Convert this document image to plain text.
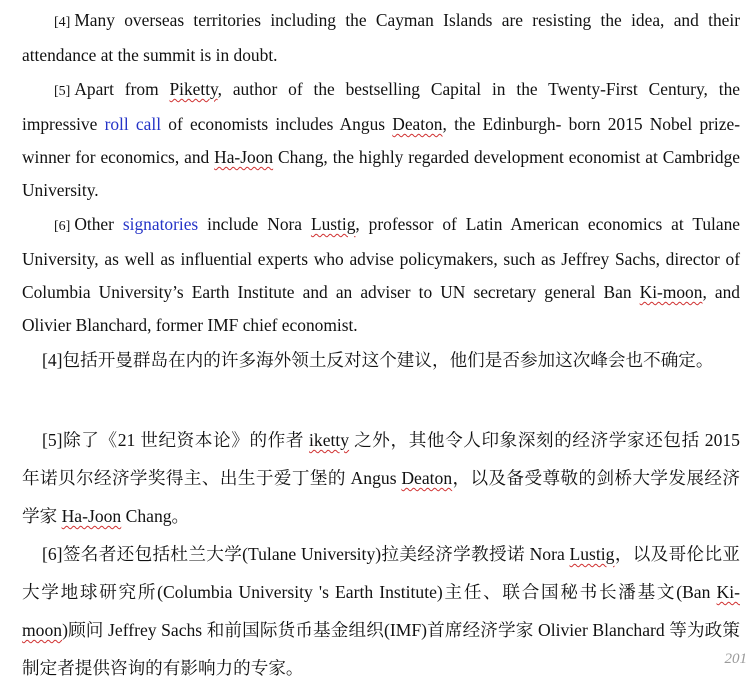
[4] Many overseas territories including the Cayman Islands are resisting the idea, and their attendance at the summit is in doubt.

[5] Apart from Piketty, author of the bestselling Capital in the Twenty-First Century, the impressive roll call of economists includes Angus Deaton, the Edinburgh- born 2015 Nobel prize-winner for economics, and Ha-Joon Chang, the highly regarded development economist at Cambridge University.

[6] Other signatories include Nora Lustig, professor of Latin American economics at Tulane University, as well as influential experts who advise policymakers, such as Jeffrey Sachs, director of Columbia University’s Earth Institute and an adviser to UN secretary general Ban Ki-moon, and Olivier Blanchard, former IMF chief economist.

[4]包括开曼群岛在内的许多海外领土反对这个建议，他们是否参加这次峰会也不确定。

[5]除了《21 世纪资本论》的作者 iketty 之外，其他令人印象深刻的经济学家还包括 2015 年诺贝尔经济学奖得主、出生于爱丁堡的 Angus Deaton，以及备受尊敬的剑桥大学发展经济学家 Ha-Joon Chang。

[6]签名者还包括杜兰大学(Tulane University)拉美经济学教授诺 Nora Lustig，以及哥伦比亚大学地球研究所(Columbia University 's Earth Institute)主任、联合国秘书长潘基文(Ban Ki-moon)顾问 Jeffrey Sachs 和前国际货币基金组织(IMF)首席经济学家 Olivier Blanchard 等为政策制定者提供咨询的有影响力的专家。	201
